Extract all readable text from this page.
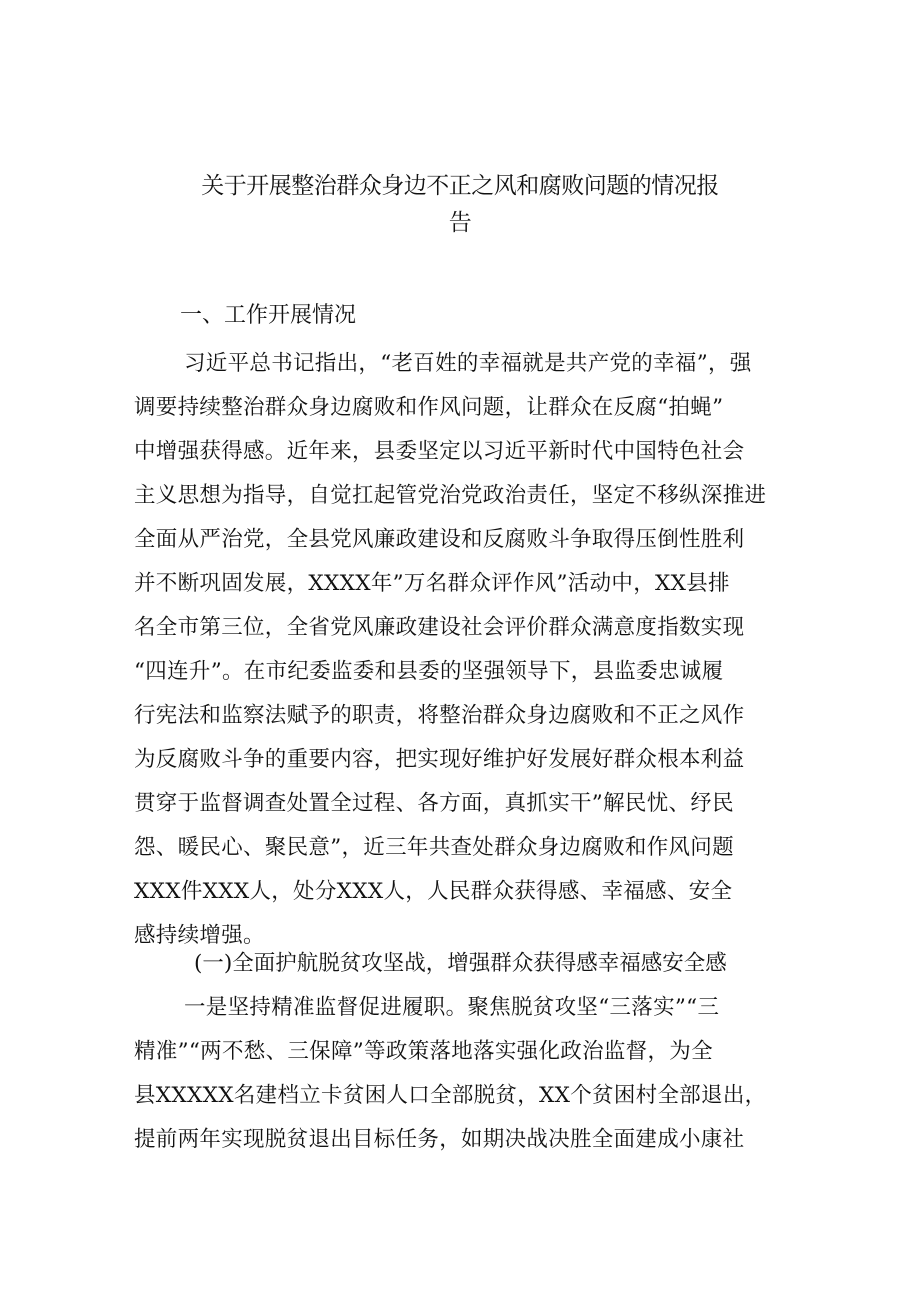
关于开展整治群众身边不正之风和腐败问题的情况报
告
一、工作开展情况
习近平总书记指出，“老百姓的幸福就是共产党的幸福”，强
调要持续整治群众身边腐败和作风问题，让群众在反腐“拍蝇”
中增强获得感。近年来，县委坚定以习近平新时代中国特色社会
主义思想为指导，自觉扛起管党治党政治责任，坚定不移纵深推进
全面从严治党，全县党风廉政建设和反腐败斗争取得压倒性胜利
并不断巩固发展，XXXX年”万名群众评作风”活动中，XX县排
名全市第三位，全省党风廉政建设社会评价群众满意度指数实现
“四连升”。在市纪委监委和县委的坚强领导下，县监委忠诚履
行宪法和监察法赋予的职责，将整治群众身边腐败和不正之风作
为反腐败斗争的重要内容，把实现好维护好发展好群众根本利益
贯穿于监督调查处置全过程、各方面，真抓实干”解民忧、纾民
怨、暖民心、聚民意”，近三年共查处群众身边腐败和作风问题
XXX件XXX人，处分XXX人，人民群众获得感、幸福感、安全
感持续增强。
(一)全面护航脱贫攻坚战，增强群众获得感幸福感安全感
一是坚持精准监督促进履职。聚焦脱贫攻坚“三落实”“三
精准”“两不愁、三保障”等政策落地落实强化政治监督，为全
县XXXXX名建档立卡贫困人口全部脱贫，XX个贫困村全部退出，
提前两年实现脱贫退出目标任务，如期决战决胜全面建成小康社
